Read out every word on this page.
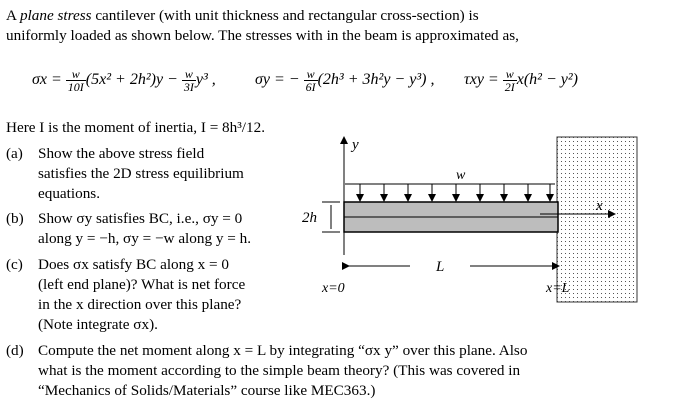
A plane stress cantilever (with unit thickness and rectangular cross-section) is
uniformly loaded as shown below. The stresses with in the beam is approximated as,
$\sigma x = \frac{w}{10I} (5x^2 + 2h^2)y - \frac{w}{3I} y^3$ , σy = − $\frac{w}{6I} (2h^3 + 3h^2y - y^3)$ , $\tau xy = \frac{w}{2I} x(h^2 - y^2)$
Here I is the moment of inertia, I = 8h³/12.
(a) Show the above stress field
satisfies the 2D stress equilibrium
equations.
(b) Show σy satisfies BC, i.e., σy = 0
along y = −h, σy = −w along y = h.
(c) Does σx satisfy BC along x = 0
(left end plane)? What is net force
in the x direction over this plane?
(Note integrate σx).
(d) Compute the net moment along x = L by integrating “σx y” over this plane. Also
what is the moment according to the simple beam theory? (This was covered in
“Mechanics of Solids/Materials” course like MEC363.)
y
w
x
2h
L
x=0	x=L
